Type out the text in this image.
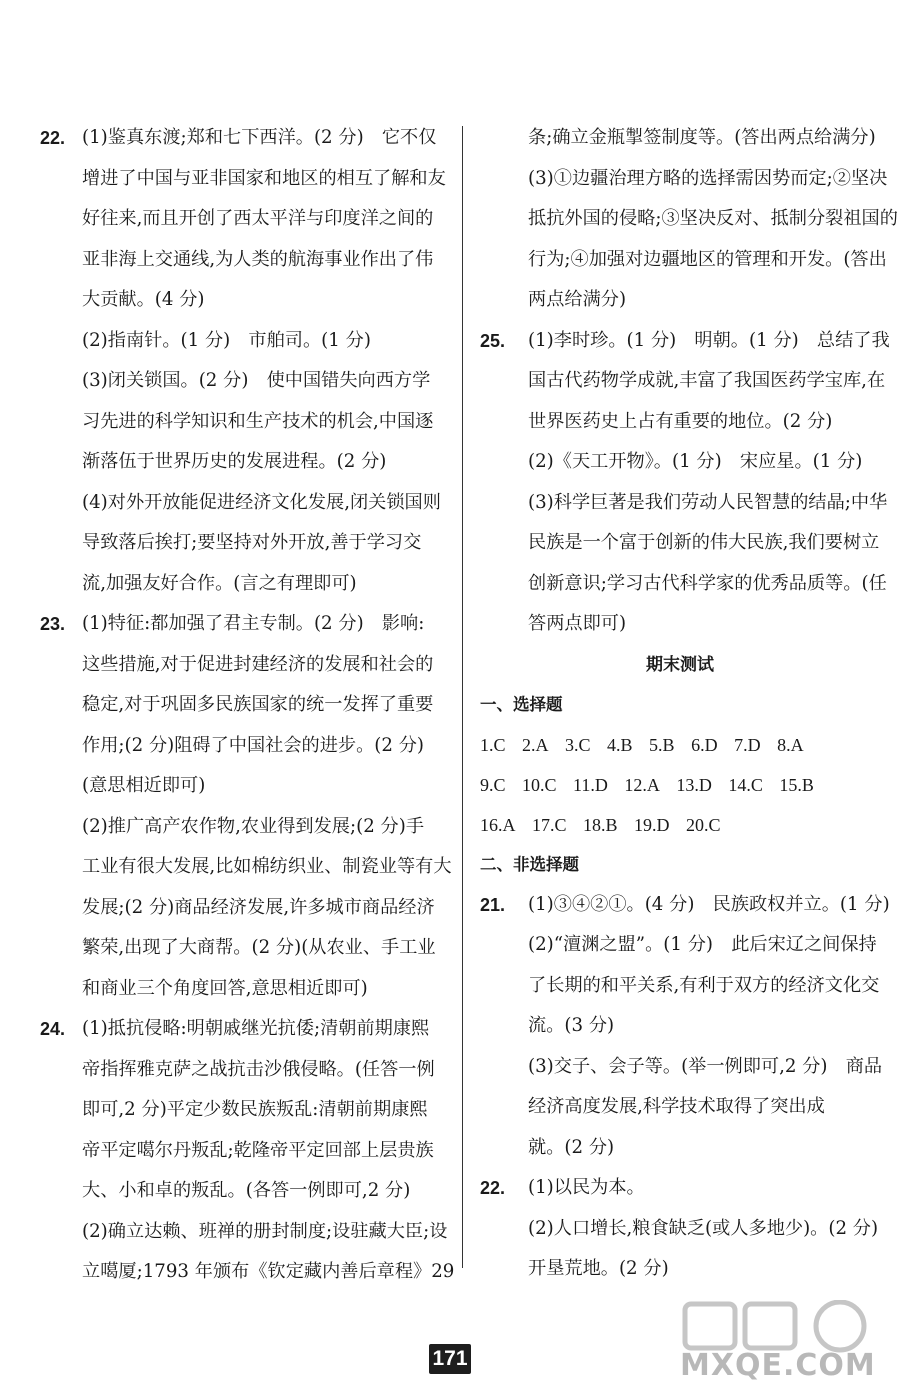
22. (1)鉴真东渡;郑和七下西洋。(2 分)　它不仅

增进了中国与亚非国家和地区的相互了解和友

好往来,而且开创了西太平洋与印度洋之间的

亚非海上交通线,为人类的航海事业作出了伟

大贡献。(4 分)

(2)指南针。(1 分)　市舶司。(1 分)

(3)闭关锁国。(2 分)　使中国错失向西方学

习先进的科学知识和生产技术的机会,中国逐

渐落伍于世界历史的发展进程。(2 分)

(4)对外开放能促进经济文化发展,闭关锁国则

导致落后挨打;要坚持对外开放,善于学习交

流,加强友好合作。(言之有理即可)

23. (1)特征:都加强了君主专制。(2 分)　影响:

这些措施,对于促进封建经济的发展和社会的

稳定,对于巩固多民族国家的统一发挥了重要

作用;(2 分)阻碍了中国社会的进步。(2 分)

(意思相近即可)

(2)推广高产农作物,农业得到发展;(2 分)手

工业有很大发展,比如棉纺织业、制瓷业等有大

发展;(2 分)商品经济发展,许多城市商品经济

繁荣,出现了大商帮。(2 分)(从农业、手工业

和商业三个角度回答,意思相近即可)

24. (1)抵抗侵略:明朝戚继光抗倭;清朝前期康熙

帝指挥雅克萨之战抗击沙俄侵略。(任答一例

即可,2 分)平定少数民族叛乱:清朝前期康熙

帝平定噶尔丹叛乱;乾隆帝平定回部上层贵族

大、小和卓的叛乱。(各答一例即可,2 分)

(2)确立达赖、班禅的册封制度;设驻藏大臣;设

立噶厦;1793 年颁布《钦定藏内善后章程》29

条;确立金瓶掣签制度等。(答出两点给满分)

(3)①边疆治理方略的选择需因势而定;②坚决

抵抗外国的侵略;③坚决反对、抵制分裂祖国的

行为;④加强对边疆地区的管理和开发。(答出

两点给满分)

25. (1)李时珍。(1 分)　明朝。(1 分)　总结了我

国古代药物学成就,丰富了我国医药学宝库,在

世界医药史上占有重要的地位。(2 分)

(2)《天工开物》。(1 分)　宋应星。(1 分)

(3)科学巨著是我们劳动人民智慧的结晶;中华

民族是一个富于创新的伟大民族,我们要树立

创新意识;学习古代科学家的优秀品质等。(任

答两点即可)

期末测试

一、选择题

1.C 2.A 3.C 4.B 5.B 6.D 7.D 8.A

9.C 10.C 11.D 12.A 13.D 14.C 15.B

16.A 17.C 18.B 19.D 20.C

二、非选择题

21. (1)③④②①。(4 分)　民族政权并立。(1 分)

(2)“澶渊之盟”。(1 分)　此后宋辽之间保持

了长期的和平关系,有利于双方的经济文化交

流。(3 分)

(3)交子、会子等。(举一例即可,2 分)　商品

经济高度发展,科学技术取得了突出成

就。(2 分)

22. (1)以民为本。

(2)人口增长,粮食缺乏(或人多地少)。(2 分)

开垦荒地。(2 分)

171	MXQE.COM
